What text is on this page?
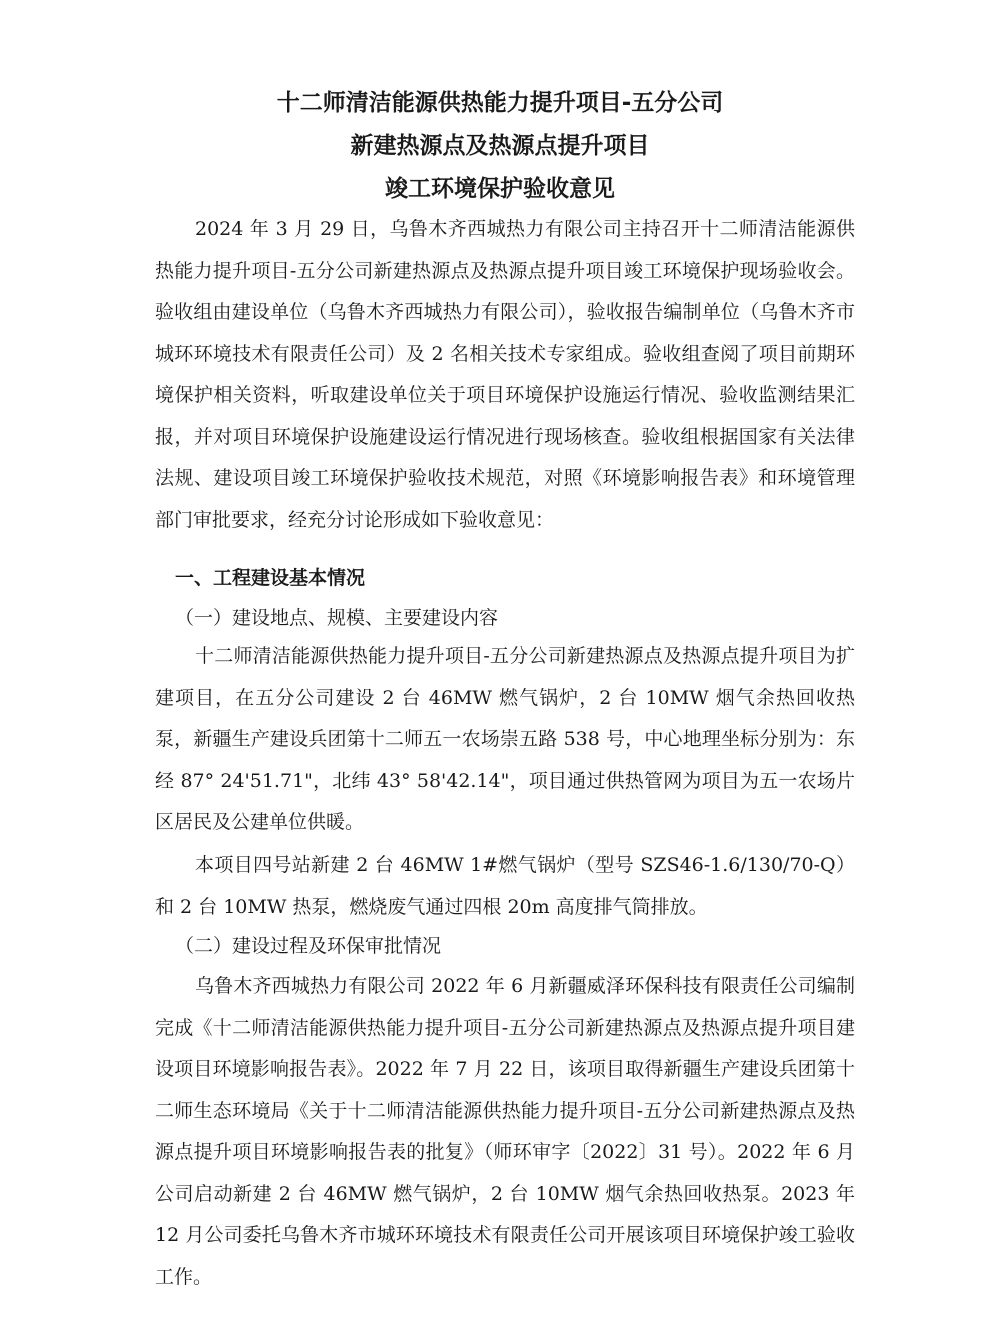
十二师清洁能源供热能力提升项目-五分公司
新建热源点及热源点提升项目
竣工环境保护验收意见

2024 年 3 月 29 日，乌鲁木齐西城热力有限公司主持召开十二师清洁能源供热能力提升项目-五分公司新建热源点及热源点提升项目竣工环境保护现场验收会。验收组由建设单位（乌鲁木齐西城热力有限公司），验收报告编制单位（乌鲁木齐市城环环境技术有限责任公司）及 2 名相关技术专家组成。验收组查阅了项目前期环境保护相关资料，听取建设单位关于项目环境保护设施运行情况、验收监测结果汇报，并对项目环境保护设施建设运行情况进行现场核查。验收组根据国家有关法律法规、建设项目竣工环境保护验收技术规范，对照《环境影响报告表》和环境管理部门审批要求，经充分讨论形成如下验收意见：

一、工程建设基本情况
（一）建设地点、规模、主要建设内容

十二师清洁能源供热能力提升项目-五分公司新建热源点及热源点提升项目为扩建项目，在五分公司建设 2 台 46MW 燃气锅炉，2 台 10MW 烟气余热回收热泵，新疆生产建设兵团第十二师五一农场崇五路 538 号，中心地理坐标分别为：东经 87° 24'51.71"，北纬 43° 58'42.14"，项目通过供热管网为项目为五一农场片区居民及公建单位供暖。

本项目四号站新建 2 台 46MW 1#燃气锅炉（型号 SZS46-1.6/130/70-Q）和 2 台 10MW 热泵，燃烧废气通过四根 20m 高度排气筒排放。

（二）建设过程及环保审批情况

乌鲁木齐西城热力有限公司 2022 年 6 月新疆威泽环保科技有限责任公司编制完成《十二师清洁能源供热能力提升项目-五分公司新建热源点及热源点提升项目建设项目环境影响报告表》。2022 年 7 月 22 日，该项目取得新疆生产建设兵团第十二师生态环境局《关于十二师清洁能源供热能力提升项目-五分公司新建热源点及热源点提升项目环境影响报告表的批复》（师环审字〔2022〕31 号）。2022 年 6 月公司启动新建 2 台 46MW 燃气锅炉，2 台 10MW 烟气余热回收热泵。2023 年 12 月公司委托乌鲁木齐市城环环境技术有限责任公司开展该项目环境保护竣工验收工作。
